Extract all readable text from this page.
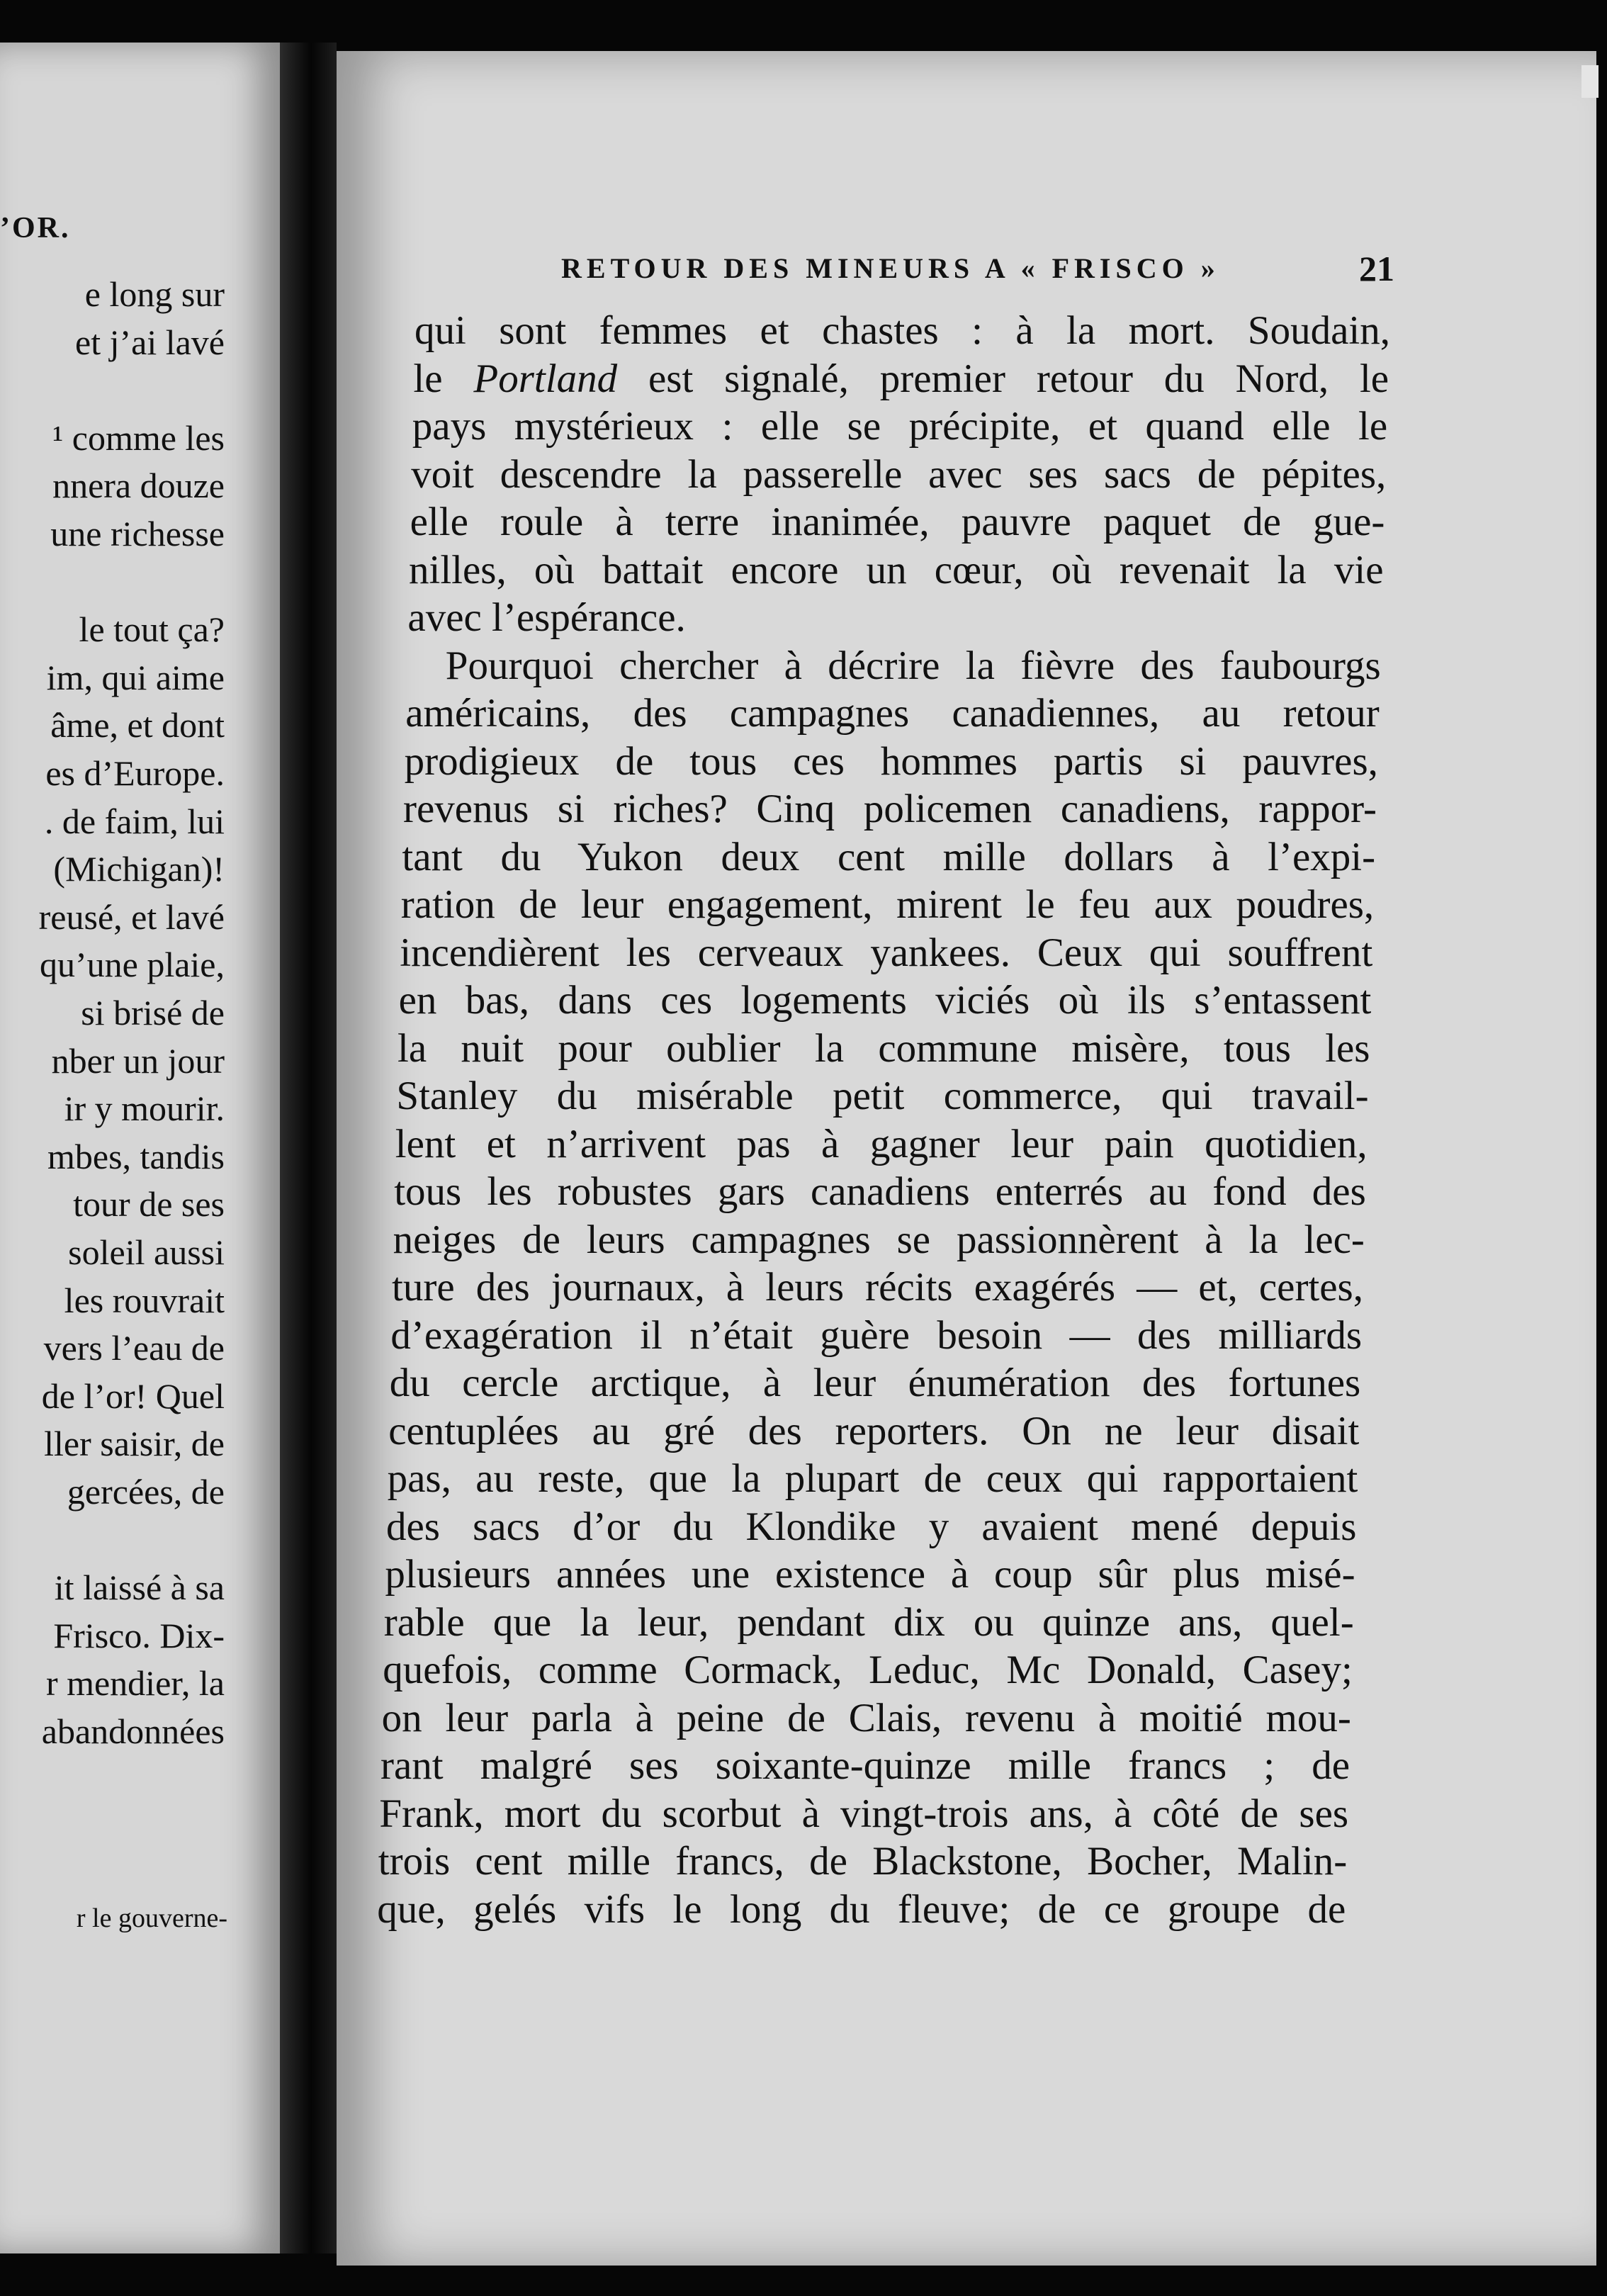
’OR.
e long sur
et j’ai lavé
¹ comme les
nnera douze
une richesse
le tout ça?
im, qui aime
âme, et dont
es d’Europe.
. de faim, lui
(Michigan)!
reusé, et lavé
qu’une plaie,
si brisé de
nber un jour
ir y mourir.
mbes, tandis
tour de ses
soleil aussi
les rouvrait
vers l’eau de
de l’or! Quel
ller saisir, de
gercées, de
it laissé à sa
Frisco. Dix-
r mendier, la
abandonnées
r le gouverne-
RETOUR DES MINEURS A « FRISCO »	21
qui sont femmes et chastes : à la mort. Soudain,
le Portland est signalé, premier retour du Nord, le
pays mystérieux : elle se précipite, et quand elle le
voit descendre la passerelle avec ses sacs de pépites,
elle roule à terre inanimée, pauvre paquet de gue-
nilles, où battait encore un cœur, où revenait la vie
avec l’espérance.
Pourquoi chercher à décrire la fièvre des faubourgs
américains, des campagnes canadiennes, au retour
prodigieux de tous ces hommes partis si pauvres,
revenus si riches? Cinq policemen canadiens, rappor-
tant du Yukon deux cent mille dollars à l’expi-
ration de leur engagement, mirent le feu aux poudres,
incendièrent les cerveaux yankees. Ceux qui souffrent
en bas, dans ces logements viciés où ils s’entassent
la nuit pour oublier la commune misère, tous les
Stanley du misérable petit commerce, qui travail-
lent et n’arrivent pas à gagner leur pain quotidien,
tous les robustes gars canadiens enterrés au fond des
neiges de leurs campagnes se passionnèrent à la lec-
ture des journaux, à leurs récits exagérés — et, certes,
d’exagération il n’était guère besoin — des milliards
du cercle arctique, à leur énumération des fortunes
centuplées au gré des reporters. On ne leur disait
pas, au reste, que la plupart de ceux qui rapportaient
des sacs d’or du Klondike y avaient mené depuis
plusieurs années une existence à coup sûr plus misé-
rable que la leur, pendant dix ou quinze ans, quel-
quefois, comme Cormack, Leduc, Mc Donald, Casey;
on leur parla à peine de Clais, revenu à moitié mou-
rant malgré ses soixante-quinze mille francs ; de
Frank, mort du scorbut à vingt-trois ans, à côté de ses
trois cent mille francs, de Blackstone, Bocher, Malin-
que, gelés vifs le long du fleuve; de ce groupe de
